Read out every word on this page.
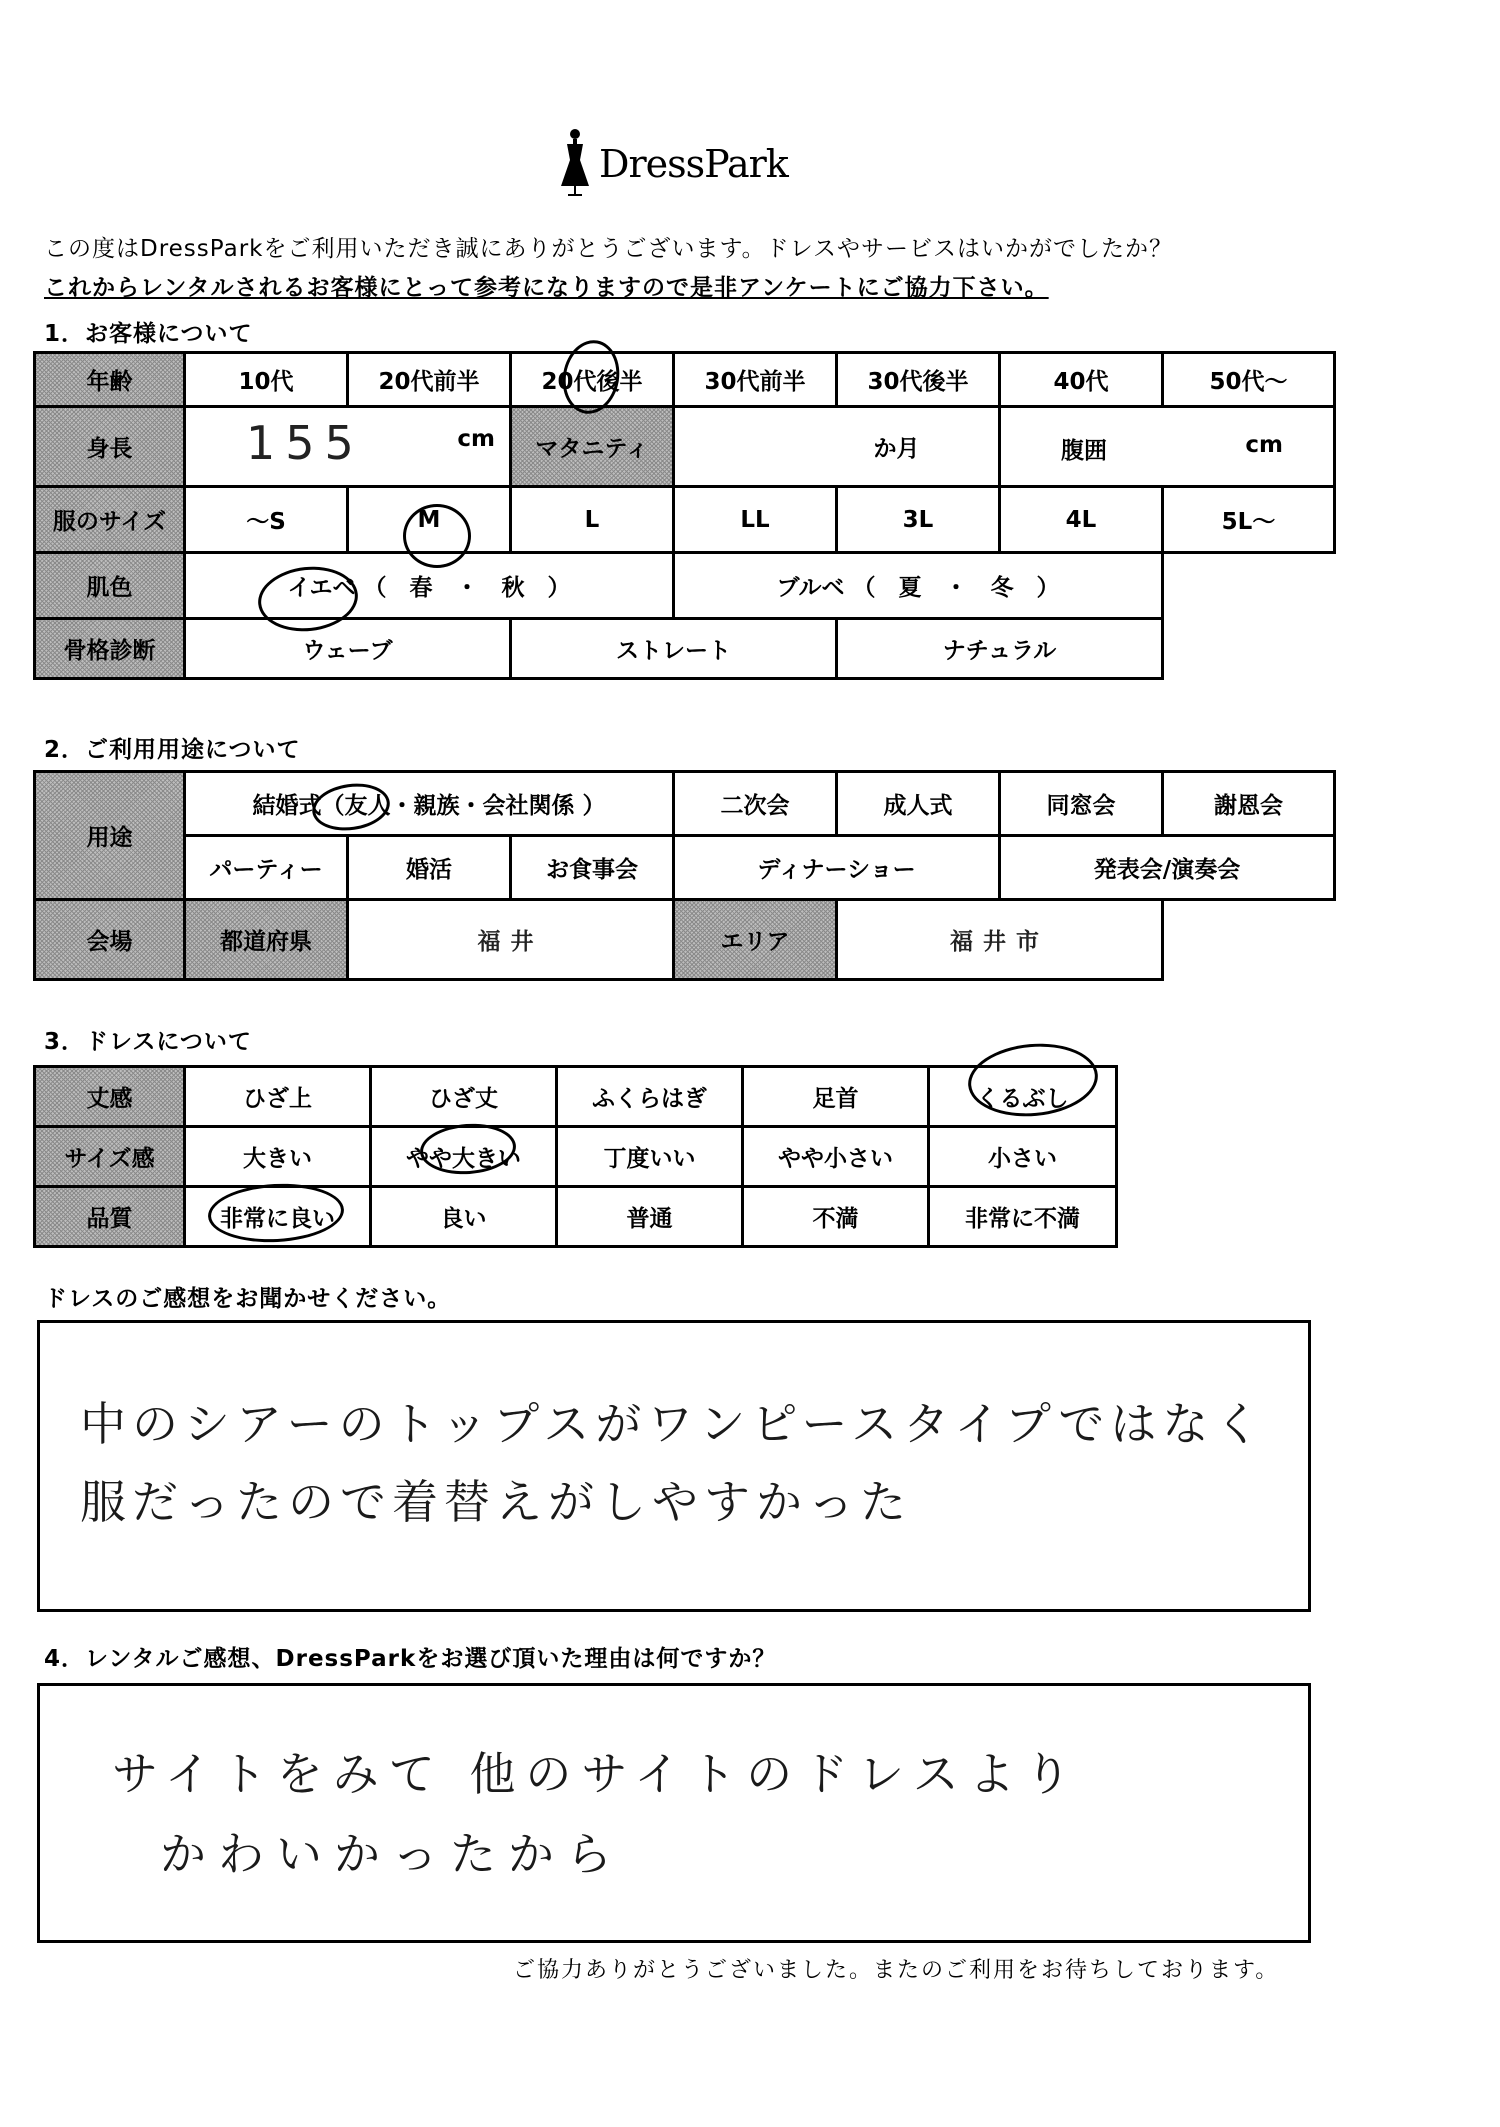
DressPark
この度はDressParkをご利用いただき誠にありがとうございます。ドレスやサービスはいかがでしたか？
これからレンタルされるお客様にとって参考になりますので是非アンケートにご協力下さい。
1．お客様について
年齢	10代	20代前半	20代後半	30代前半	30代後半	40代	50代～
身長	155 cm		マタニティ	か月		腹囲 cm	

服のサイズ	～S	M	L	LL	3L	4L	5L～
肌色	イエベ （　春　・　秋　）			ブルベ （　夏　・　冬　）			
骨格診断	ウェーブ		ストレート		ナチュラル		
2．ご利用用途について
用途	結婚式（友人・親族・会社関係 ）			二次会	成人式	同窓会	謝恩会
	パーティー	婚活	お食事会	ディナーショー		発表会/演奏会	
会場	都道府県	福井		エリア	福井市		
3．ドレスについて
丈感	ひざ上	ひざ丈	ふくらはぎ	足首	くるぶし
サイズ感	大きい	やや大きい	丁度いい	やや小さい	小さい
品質	非常に良い	良い	普通	不満	非常に不満
ドレスのご感想をお聞かせください。
中のシアーのトップスがワンピースタイプではなく
服だったので着替えがしやすかった
4．レンタルご感想、DressParkをお選び頂いた理由は何ですか？
サイトをみて 他のサイトのドレスより
かわいかったから
ご協力ありがとうございました。またのご利用をお待ちしております。
